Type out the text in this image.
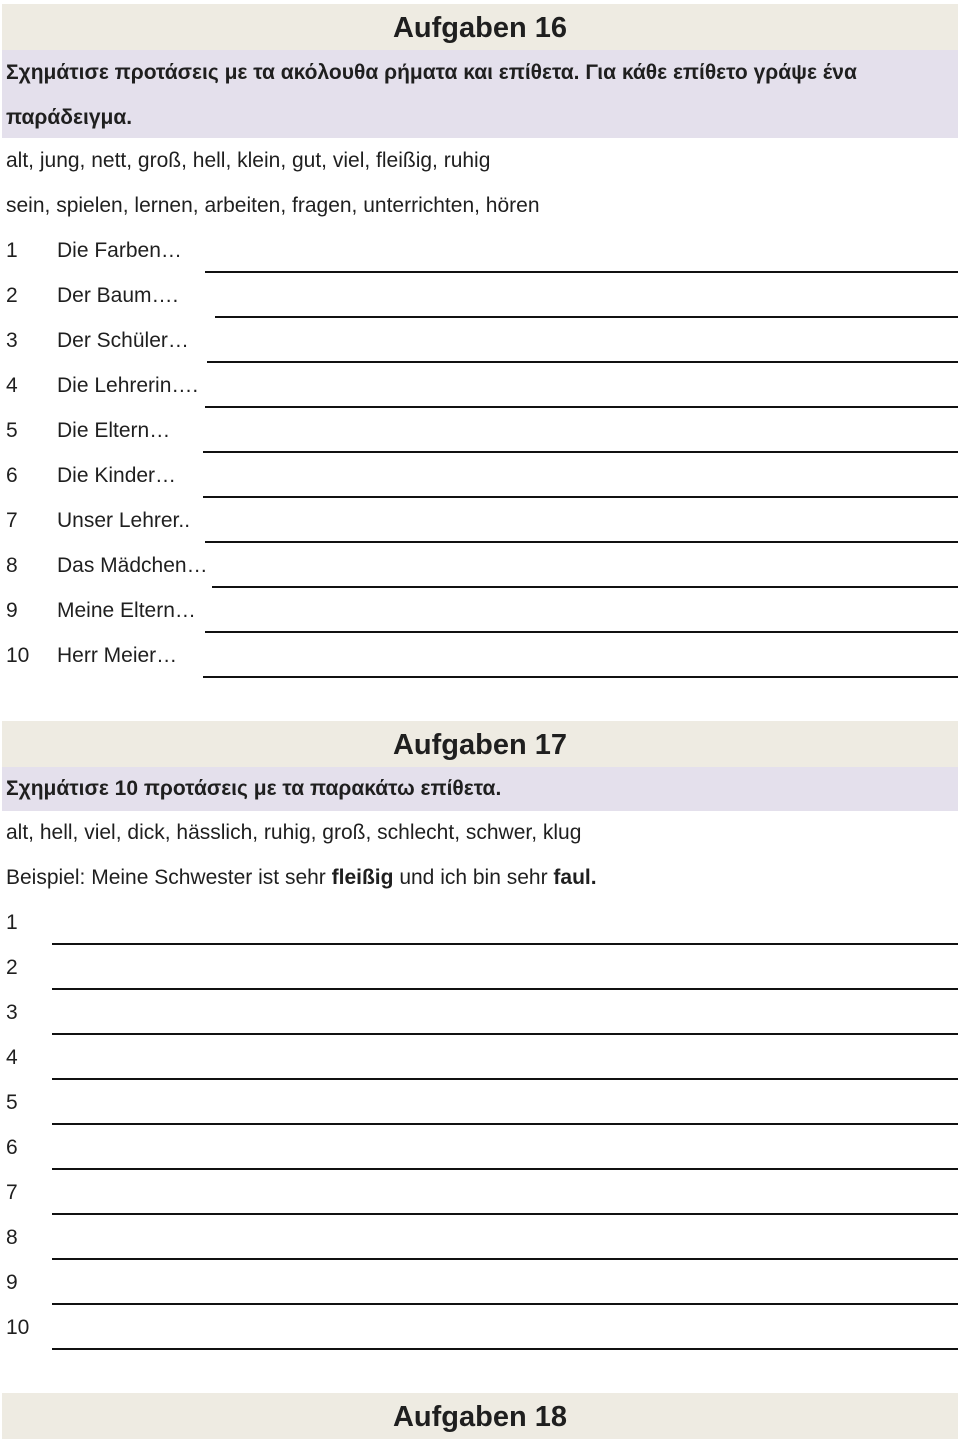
Aufgaben 16
Σχημάτισε προτάσεις με τα ακόλουθα ρήματα και επίθετα. Για κάθε επίθετο γράψε ένα παράδειγμα.
alt, jung, nett, groß, hell, klein, gut, viel, fleißig, ruhig
sein, spielen, lernen, arbeiten, fragen, unterrichten, hören
1 Die Farben…
2 Der Baum….
3 Der Schüler…
4 Die Lehrerin….
5 Die Eltern…
6 Die Kinder…
7 Unser Lehrer..
8 Das Mädchen…
9 Meine Eltern…
10 Herr Meier…
Aufgaben 17
Σχημάτισε 10 προτάσεις με τα παρακάτω επίθετα.
alt, hell, viel, dick, hässlich, ruhig, groß, schlecht, schwer, klug
Beispiel: Meine Schwester ist sehr fleißig und ich bin sehr faul.
1
2
3
4
5
6
7
8
9
10
Aufgaben 18
